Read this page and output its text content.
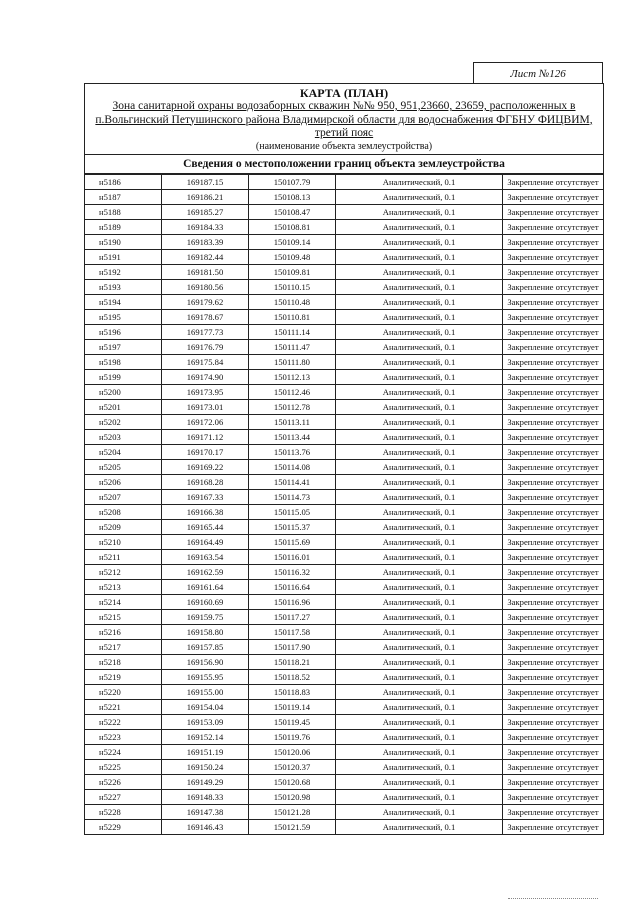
Лист №126
КАРТА (ПЛАН)
Зона санитарной охраны водозаборных скважин №№ 950, 951,23660, 23659, расположенных в
п.Вольгинский Петушинского района Владимирской области для водоснабжения ФГБНУ ФИЦВИМ,
третий пояс
(наименование объекта землеустройства)
Сведения о местоположении границ объекта землеустройства
н5186	169187.15	150107.79	Аналитический, 0.1	Закрепление отсутствует
н5187	169186.21	150108.13	Аналитический, 0.1	Закрепление отсутствует
н5188	169185.27	150108.47	Аналитический, 0.1	Закрепление отсутствует
н5189	169184.33	150108.81	Аналитический, 0.1	Закрепление отсутствует
н5190	169183.39	150109.14	Аналитический, 0.1	Закрепление отсутствует
н5191	169182.44	150109.48	Аналитический, 0.1	Закрепление отсутствует
н5192	169181.50	150109.81	Аналитический, 0.1	Закрепление отсутствует
н5193	169180.56	150110.15	Аналитический, 0.1	Закрепление отсутствует
н5194	169179.62	150110.48	Аналитический, 0.1	Закрепление отсутствует
н5195	169178.67	150110.81	Аналитический, 0.1	Закрепление отсутствует
н5196	169177.73	150111.14	Аналитический, 0.1	Закрепление отсутствует
н5197	169176.79	150111.47	Аналитический, 0.1	Закрепление отсутствует
н5198	169175.84	150111.80	Аналитический, 0.1	Закрепление отсутствует
н5199	169174.90	150112.13	Аналитический, 0.1	Закрепление отсутствует
н5200	169173.95	150112.46	Аналитический, 0.1	Закрепление отсутствует
н5201	169173.01	150112.78	Аналитический, 0.1	Закрепление отсутствует
н5202	169172.06	150113.11	Аналитический, 0.1	Закрепление отсутствует
н5203	169171.12	150113.44	Аналитический, 0.1	Закрепление отсутствует
н5204	169170.17	150113.76	Аналитический, 0.1	Закрепление отсутствует
н5205	169169.22	150114.08	Аналитический, 0.1	Закрепление отсутствует
н5206	169168.28	150114.41	Аналитический, 0.1	Закрепление отсутствует
н5207	169167.33	150114.73	Аналитический, 0.1	Закрепление отсутствует
н5208	169166.38	150115.05	Аналитический, 0.1	Закрепление отсутствует
н5209	169165.44	150115.37	Аналитический, 0.1	Закрепление отсутствует
н5210	169164.49	150115.69	Аналитический, 0.1	Закрепление отсутствует
н5211	169163.54	150116.01	Аналитический, 0.1	Закрепление отсутствует
н5212	169162.59	150116.32	Аналитический, 0.1	Закрепление отсутствует
н5213	169161.64	150116.64	Аналитический, 0.1	Закрепление отсутствует
н5214	169160.69	150116.96	Аналитический, 0.1	Закрепление отсутствует
н5215	169159.75	150117.27	Аналитический, 0.1	Закрепление отсутствует
н5216	169158.80	150117.58	Аналитический, 0.1	Закрепление отсутствует
н5217	169157.85	150117.90	Аналитический, 0.1	Закрепление отсутствует
н5218	169156.90	150118.21	Аналитический, 0.1	Закрепление отсутствует
н5219	169155.95	150118.52	Аналитический, 0.1	Закрепление отсутствует
н5220	169155.00	150118.83	Аналитический, 0.1	Закрепление отсутствует
н5221	169154.04	150119.14	Аналитический, 0.1	Закрепление отсутствует
н5222	169153.09	150119.45	Аналитический, 0.1	Закрепление отсутствует
н5223	169152.14	150119.76	Аналитический, 0.1	Закрепление отсутствует
н5224	169151.19	150120.06	Аналитический, 0.1	Закрепление отсутствует
н5225	169150.24	150120.37	Аналитический, 0.1	Закрепление отсутствует
н5226	169149.29	150120.68	Аналитический, 0.1	Закрепление отсутствует
н5227	169148.33	150120.98	Аналитический, 0.1	Закрепление отсутствует
н5228	169147.38	150121.28	Аналитический, 0.1	Закрепление отсутствует
н5229	169146.43	150121.59	Аналитический, 0.1	Закрепление отсутствует
